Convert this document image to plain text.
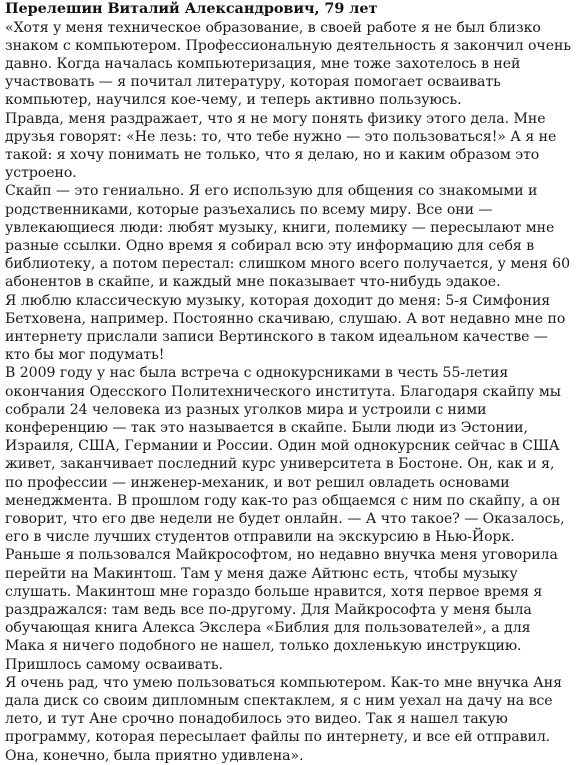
Перелешин Виталий Александрович, 79 лет

«Хотя у меня техническое образование, в своей работе я не был близко знаком с компьютером. Профессиональную деятельность я закончил очень давно. Когда началась компьютеризация, мне тоже захотелось в ней участвовать — я почитал литературу, которая помогает осваивать компьютер, научился кое-чему, и теперь активно пользуюсь.

Правда, меня раздражает, что я не могу понять физику этого дела. Мне друзья говорят: «Не лезь: то, что тебе нужно — это пользоваться!» А я не такой: я хочу понимать не только, что я делаю, но и каким образом это устроено.

Скайп — это гениально. Я его использую для общения со знакомыми и родственниками, которые разъехались по всему миру. Все они — увлекающиеся люди: любят музыку, книги, полемику — пересылают мне разные ссылки. Одно время я собирал всю эту информацию для себя в библиотеку, а потом перестал: слишком много всего получается, у меня 60 абонентов в скайпе, и каждый мне показывает что-нибудь эдакое.

Я люблю классическую музыку, которая доходит до меня: 5-я Симфония Бетховена, например. Постоянно скачиваю, слушаю. А вот недавно мне по интернету прислали записи Вертинского в таком идеальном качестве — кто бы мог подумать!

В 2009 году у нас была встреча с однокурсниками в честь 55-летия окончания Одесского Политехнического института. Благодаря скайпу мы собрали 24 человека из разных уголков мира и устроили с ними конференцию — так это называется в скайпе. Были люди из Эстонии, Израиля, США, Германии и России. Один мой однокурсник сейчас в США живет, заканчивает последний курс университета в Бостоне. Он, как и я, по профессии — инженер-механик, и вот решил овладеть основами менеджмента. В прошлом году как-то раз общаемся с ним по скайпу, а он говорит, что его две недели не будет онлайн. — А что такое? — Оказалось, его в числе лучших студентов отправили на экскурсию в Нью-Йорк.

Раньше я пользовался Майкрософтом, но недавно внучка меня уговорила перейти на Макинтош. Там у меня даже Айтюнс есть, чтобы музыку слушать. Макинтош мне гораздо больше нравится, хотя первое время я раздражался: там ведь все по-другому. Для Майкрософта у меня была обучающая книга Алекса Экслера «Библия для пользователей», а для Мака я ничего подобного не нашел, только дохленькую инструкцию. Пришлось самому осваивать.

Я очень рад, что умею пользоваться компьютером. Как-то мне внучка Аня дала диск со своим дипломным спектаклем, я с ним уехал на дачу на все лето, и тут Ане срочно понадобилось это видео. Так я нашел такую программу, которая пересылает файлы по интернету, и все ей отправил. Она, конечно, была приятно удивлена».
